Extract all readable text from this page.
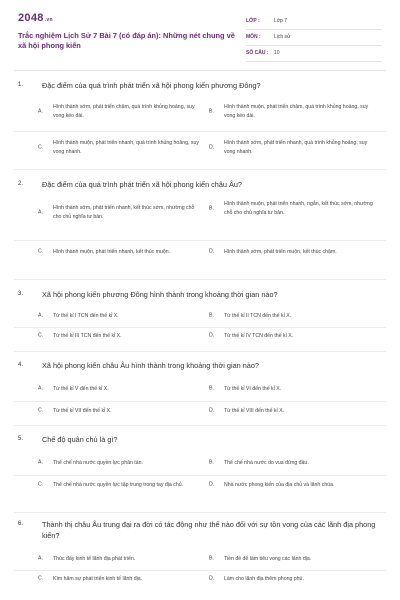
2048.vn
Trắc nghiệm Lịch Sử 7 Bài 7 (có đáp án): Những nét chung về xã hội phong kiến
LỚP :	Lớp 7
MÔN :	Lịch sử
SỐ CÂU : 10
1.	Đặc điểm của quá trình phát triển xã hội phong kiến phương Đông?
A.
Hình thành sớm, phát triển chậm, quá trình khủng hoảng, suy vong kéo dài.
B.
Hình thành muộn, phát triển chậm, quá trình khủng hoảng, suy vong kéo dài.
C.
Hình thành muộn, phát triển nhanh, quá trình khủng hoảng, suy vong nhanh.
D.
Hình thành sớm, phát triển nhanh, quá trình khủng hoảng, suy vong nhanh.
2.	Đặc điểm của quá trình phát triển xã hội phong kiến châu Âu?
A.
Hình thành sớm, phát triển nhanh, kết thúc sớm, nhường chỗ cho chủ nghĩa tư bản.
B.
Hình thành muộn, phát triển nhanh, ngắn, kết thúc sớm, nhường chỗ cho chủ nghĩa tư bản.
C. Hình thành muộn, phát triển nhanh, kết thúc muộn.	D. Hình thành sớm, phát triển muộn, kết thúc chậm.
3.	Xã hội phong kiến phương Đông hình thành trong khoảng thời gian nào?
A. Từ thế kỉ I TCN đến thế kỉ X.	B. Từ thế kỉ II TCN đến thế kỉ X.
C. Từ thế kỉ III TCN đến thế kỉ X.	D. Từ thế kỉ IV TCN đến thế kỉ X.
4.	Xã hội phong kiến châu Âu hình thành trong khoảng thời gian nào?
A. Từ thế kỉ V đến thế kỉ X.	B. Từ thế kỉ VI đến thế kỉ X.
C. Từ thế kỉ VII đến thế kỉ X.	D. Từ thế kỉ VIII đến thế kỉ X.
5.	Chế độ quân chủ là gì?
A. Thể chế nhà nước quyền lực phân tán.	B. Thể chế nhà nước do vua đứng đầu.
C. Thể chế nhà nước quyền lực tập trung trong tay địa chủ.	D. Nhà nước phong kiến của địa chủ và lãnh chúa.
6.	Thành thị châu Âu trung đại ra đời có tác động như thế nào đối với sự tồn vong của các lãnh địa phong kiến?
A. Thúc đẩy kinh tế lãnh địa phát triển.	B. Tiền đề để làm tiêu vong các lãnh địa.
C. Kìm hãm sự phát triển kinh tế lãnh địa.	D. Làm cho lãnh địa thêm phong phú.
